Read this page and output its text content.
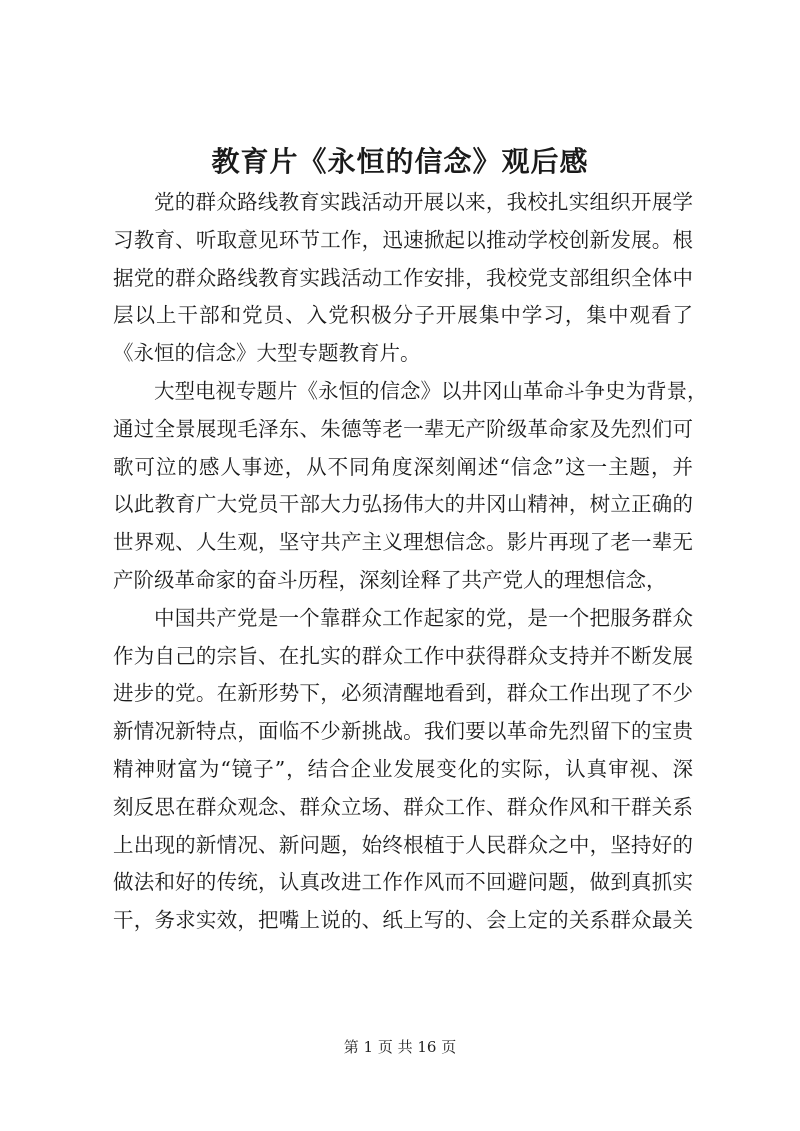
教育片《永恒的信念》观后感
党的群众路线教育实践活动开展以来，我校扎实组织开展学
习教育、听取意见环节工作，迅速掀起以推动学校创新发展。根
据党的群众路线教育实践活动工作安排，我校党支部组织全体中
层以上干部和党员、入党积极分子开展集中学习，集中观看了
《永恒的信念》大型专题教育片。
大型电视专题片《永恒的信念》以井冈山革命斗争史为背景，
通过全景展现毛泽东、朱德等老一辈无产阶级革命家及先烈们可
歌可泣的感人事迹，从不同角度深刻阐述“信念”这一主题，并
以此教育广大党员干部大力弘扬伟大的井冈山精神，树立正确的
世界观、人生观，坚守共产主义理想信念。影片再现了老一辈无
产阶级革命家的奋斗历程，深刻诠释了共产党人的理想信念，
中国共产党是一个靠群众工作起家的党，是一个把服务群众
作为自己的宗旨、在扎实的群众工作中获得群众支持并不断发展
进步的党。在新形势下，必须清醒地看到，群众工作出现了不少
新情况新特点，面临不少新挑战。我们要以革命先烈留下的宝贵
精神财富为“镜子”，结合企业发展变化的实际，认真审视、深
刻反思在群众观念、群众立场、群众工作、群众作风和干群关系
上出现的新情况、新问题，始终根植于人民群众之中，坚持好的
做法和好的传统，认真改进工作作风而不回避问题，做到真抓实
干，务求实效，把嘴上说的、纸上写的、会上定的关系群众最关
第 1 页 共 16 页
